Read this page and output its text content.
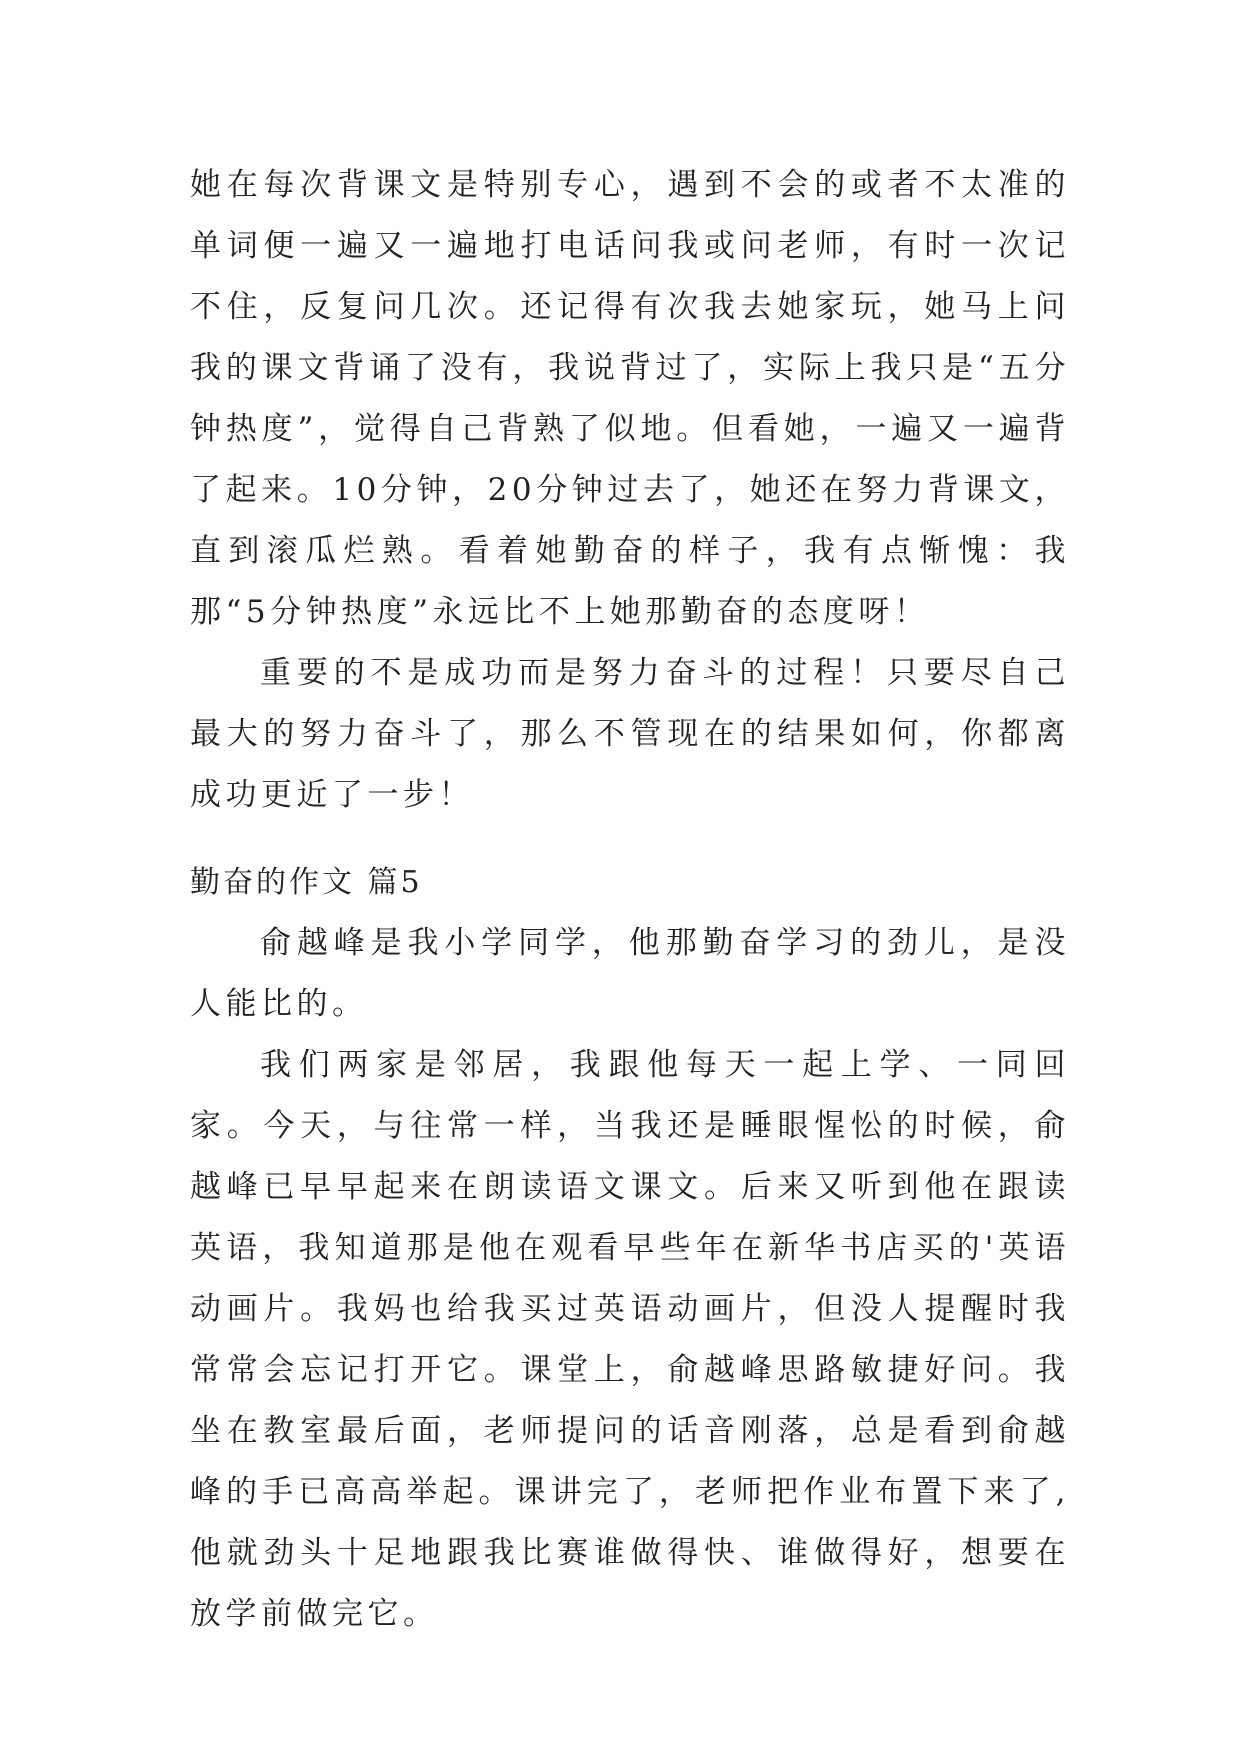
她在每次背课文是特别专心，遇到不会的或者不太准的单词便一遍又一遍地打电话问我或问老师，有时一次记不住，反复问几次。还记得有次我去她家玩，她马上问我的课文背诵了没有，我说背过了，实际上我只是“五分钟热度”，觉得自己背熟了似地。但看她，一遍又一遍背了起来。10分钟，20分钟过去了，她还在努力背课文，直到滚瓜烂熟。看着她勤奋的样子，我有点惭愧：我那“5分钟热度”永远比不上她那勤奋的态度呀！

重要的不是成功而是努力奋斗的过程！只要尽自己最大的努力奋斗了，那么不管现在的结果如何，你都离成功更近了一步！

勤奋的作文 篇5

俞越峰是我小学同学，他那勤奋学习的劲儿，是没人能比的。

我们两家是邻居，我跟他每天一起上学、一同回家。今天，与往常一样，当我还是睡眼惺忪的时候，俞越峰已早早起来在朗读语文课文。后来又听到他在跟读英语，我知道那是他在观看早些年在新华书店买的'英语动画片。我妈也给我买过英语动画片，但没人提醒时我常常会忘记打开它。课堂上，俞越峰思路敏捷好问。我坐在教室最后面，老师提问的话音刚落，总是看到俞越峰的手已高高举起。课讲完了，老师把作业布置下来了,他就劲头十足地跟我比赛谁做得快、谁做得好，想要在放学前做完它。
